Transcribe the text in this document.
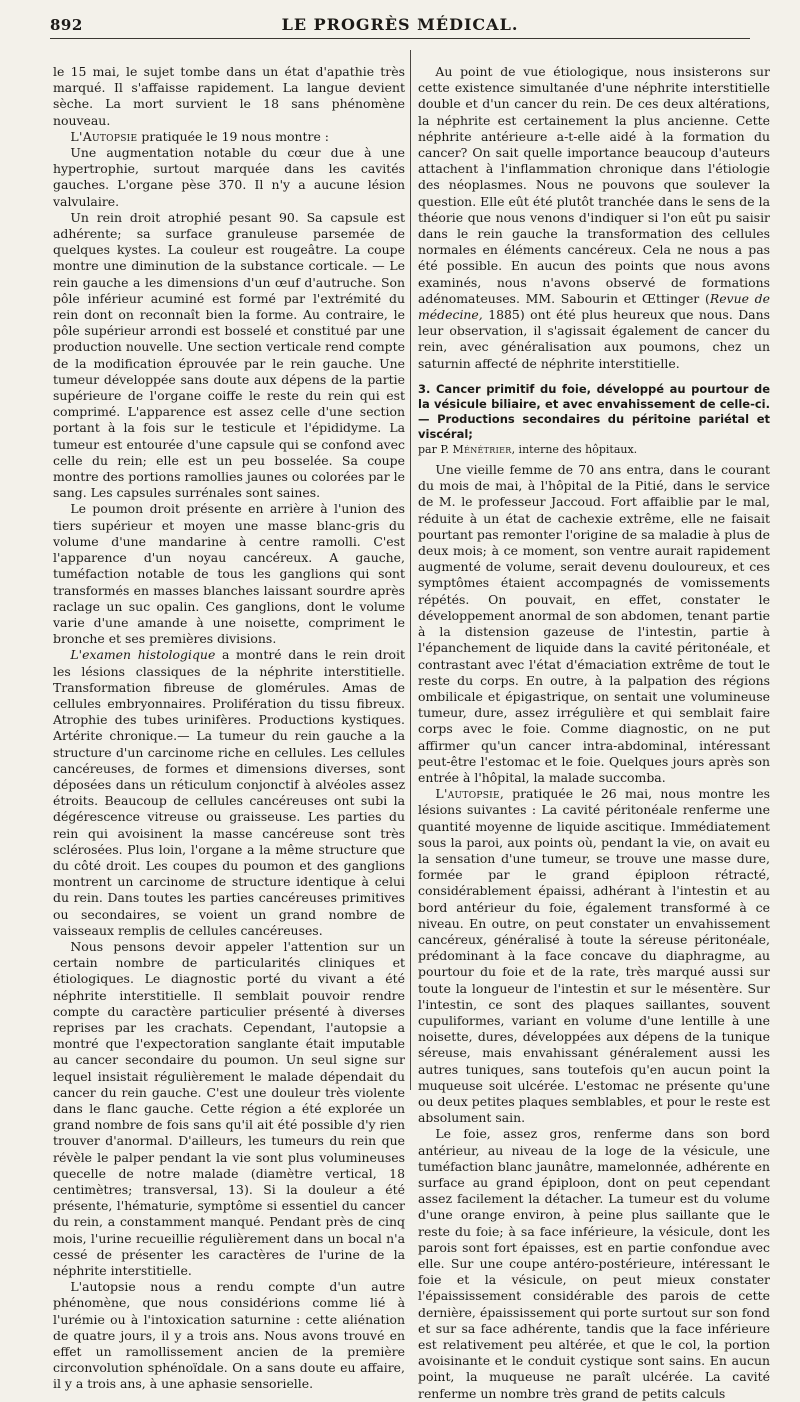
892	LE PROGRÈS MÉDICAL.

le 15 mai, le sujet tombe dans un état d'apathie très marqué. Il s'affaisse rapidement. La langue devient sèche. La mort survient le 18 sans phénomène nouveau.

L'Autopsie pratiquée le 19 nous montre :

Une augmentation notable du cœur due à une hypertrophie, surtout marquée dans les cavités gauches. L'organe pèse 370. Il n'y a aucune lésion valvulaire.

Un rein droit atrophié pesant 90. Sa capsule est adhérente; sa surface granuleuse parsemée de quelques kystes. La couleur est rougeâtre. La coupe montre une diminution de la substance corticale. — Le rein gauche a les dimensions d'un œuf d'autruche. Son pôle inférieur acuminé est formé par l'extrémité du rein dont on reconnaît bien la forme. Au contraire, le pôle supérieur arrondi est bosselé et constitué par une production nouvelle. Une section verticale rend compte de la modification éprouvée par le rein gauche. Une tumeur développée sans doute aux dépens de la partie supérieure de l'organe coiffe le reste du rein qui est comprimé. L'apparence est assez celle d'une section portant à la fois sur le testicule et l'épididyme. La tumeur est entourée d'une capsule qui se confond avec celle du rein; elle est un peu bosselée. Sa coupe montre des portions ramollies jaunes ou colorées par le sang. Les capsules surrénales sont saines.

Le poumon droit présente en arrière à l'union des tiers supérieur et moyen une masse blanc-gris du volume d'une mandarine à centre ramolli. C'est l'apparence d'un noyau cancéreux. A gauche, tuméfaction notable de tous les ganglions qui sont transformés en masses blanches laissant sourdre après raclage un suc opalin. Ces ganglions, dont le volume varie d'une amande à une noisette, compriment le bronche et ses premières divisions.

L'examen histologique a montré dans le rein droit les lésions classiques de la néphrite interstitielle. Transformation fibreuse de glomérules. Amas de cellules embryonnaires. Prolifération du tissu fibreux. Atrophie des tubes urinifères. Productions kystiques. Artérite chronique.— La tumeur du rein gauche a la structure d'un carcinome riche en cellules. Les cellules cancéreuses, de formes et dimensions diverses, sont déposées dans un réticulum conjonctif à alvéoles assez étroits. Beaucoup de cellules cancéreuses ont subi la dégérescence vitreuse ou graisseuse. Les parties du rein qui avoisinent la masse cancéreuse sont très sclérosées. Plus loin, l'organe a la même structure que du côté droit. Les coupes du poumon et des ganglions montrent un carcinome de structure identique à celui du rein. Dans toutes les parties cancéreuses primitives ou secondaires, se voient un grand nombre de vaisseaux remplis de cellules cancéreuses.

Nous pensons devoir appeler l'attention sur un certain nombre de particularités cliniques et étiologiques. Le diagnostic porté du vivant a été néphrite interstitielle. Il semblait pouvoir rendre compte du caractère particulier présenté à diverses reprises par les crachats. Cependant, l'autopsie a montré que l'expectoration sanglante était imputable au cancer secondaire du poumon. Un seul signe sur lequel insistait régulièrement le malade dépendait du cancer du rein gauche. C'est une douleur très violente dans le flanc gauche. Cette région a été explorée un grand nombre de fois sans qu'il ait été possible d'y rien trouver d'anormal. D'ailleurs, les tumeurs du rein que révèle le palper pendant la vie sont plus volumineuses quecelle de notre malade (diamètre vertical, 18 centimètres; transversal, 13). Si la douleur a été présente, l'hématurie, symptôme si essentiel du cancer du rein, a constamment manqué. Pendant près de cinq mois, l'urine recueillie régulièrement dans un bocal n'a cessé de présenter les caractères de l'urine de la néphrite interstitielle.

L'autopsie nous a rendu compte d'un autre phénomène, que nous considérions comme lié à l'urémie ou à l'intoxication saturnine : cette aliénation de quatre jours, il y a trois ans. Nous avons trouvé en effet un ramollissement ancien de la première circonvolution sphénoïdale. On a sans doute eu affaire, il y a trois ans, à une aphasie sensorielle.

Au point de vue étiologique, nous insisterons sur cette existence simultanée d'une néphrite interstitielle double et d'un cancer du rein. De ces deux altérations, la néphrite est certainement la plus ancienne. Cette néphrite antérieure a-t-elle aidé à la formation du cancer? On sait quelle importance beaucoup d'auteurs attachent à l'inflammation chronique dans l'étiologie des néoplasmes. Nous ne pouvons que soulever la question. Elle eût été plutôt tranchée dans le sens de la théorie que nous venons d'indiquer si l'on eût pu saisir dans le rein gauche la transformation des cellules normales en éléments cancéreux. Cela ne nous a pas été possible. En aucun des points que nous avons examinés, nous n'avons observé de formations adénomateuses. MM. Sabourin et Œttinger (Revue de médecine, 1885) ont été plus heureux que nous. Dans leur observation, il s'agissait également de cancer du rein, avec généralisation aux poumons, chez un saturnin affecté de néphrite interstitielle.

3. Cancer primitif du foie, développé au pourtour de la vésicule biliaire, et avec envahissement de celle-ci. — Productions secondaires du péritoine pariétal et viscéral;

par P. Ménétrier, interne des hôpitaux.

Une vieille femme de 70 ans entra, dans le courant du mois de mai, à l'hôpital de la Pitié, dans le service de M. le professeur Jaccoud. Fort affaiblie par le mal, réduite à un état de cachexie extrême, elle ne faisait pourtant pas remonter l'origine de sa maladie à plus de deux mois; à ce moment, son ventre aurait rapidement augmenté de volume, serait devenu douloureux, et ces symptômes étaient accompagnés de vomissements répétés. On pouvait, en effet, constater le développement anormal de son abdomen, tenant partie à la distension gazeuse de l'intestin, partie à l'épanchement de liquide dans la cavité péritonéale, et contrastant avec l'état d'émaciation extrême de tout le reste du corps. En outre, à la palpation des régions ombilicale et épigastrique, on sentait une volumineuse tumeur, dure, assez irrégulière et qui semblait faire corps avec le foie. Comme diagnostic, on ne put affirmer qu'un cancer intra-abdominal, intéressant peut-être l'estomac et le foie. Quelques jours après son entrée à l'hôpital, la malade succomba.

L'autopsie, pratiquée le 26 mai, nous montre les lésions suivantes : La cavité péritonéale renferme une quantité moyenne de liquide ascitique. Immédiatement sous la paroi, aux points où, pendant la vie, on avait eu la sensation d'une tumeur, se trouve une masse dure, formée par le grand épiploon rétracté, considérablement épaissi, adhérant à l'intestin et au bord antérieur du foie, également transformé à ce niveau. En outre, on peut constater un envahissement cancéreux, généralisé à toute la séreuse péritonéale, prédominant à la face concave du diaphragme, au pourtour du foie et de la rate, très marqué aussi sur toute la longueur de l'intestin et sur le mésentère. Sur l'intestin, ce sont des plaques saillantes, souvent cupuliformes, variant en volume d'une lentille à une noisette, dures, développées aux dépens de la tunique séreuse, mais envahissant généralement aussi les autres tuniques, sans toutefois qu'en aucun point la muqueuse soit ulcérée. L'estomac ne présente qu'une ou deux petites plaques semblables, et pour le reste est absolument sain.

Le foie, assez gros, renferme dans son bord antérieur, au niveau de la loge de la vésicule, une tuméfaction blanc jaunâtre, mamelonnée, adhérente en surface au grand épiploon, dont on peut cependant assez facilement la détacher. La tumeur est du volume d'une orange environ, à peine plus saillante que le reste du foie; à sa face inférieure, la vésicule, dont les parois sont fort épaisses, est en partie confondue avec elle. Sur une coupe antéro-postérieure, intéressant le foie et la vésicule, on peut mieux constater l'épaississement considérable des parois de cette dernière, épaississement qui porte surtout sur son fond et sur sa face adhérente, tandis que la face inférieure est relativement peu altérée, et que le col, la portion avoisinante et le conduit cystique sont sains. En aucun point, la muqueuse ne paraît ulcérée. La cavité renferme un nombre très grand de petits calculs
